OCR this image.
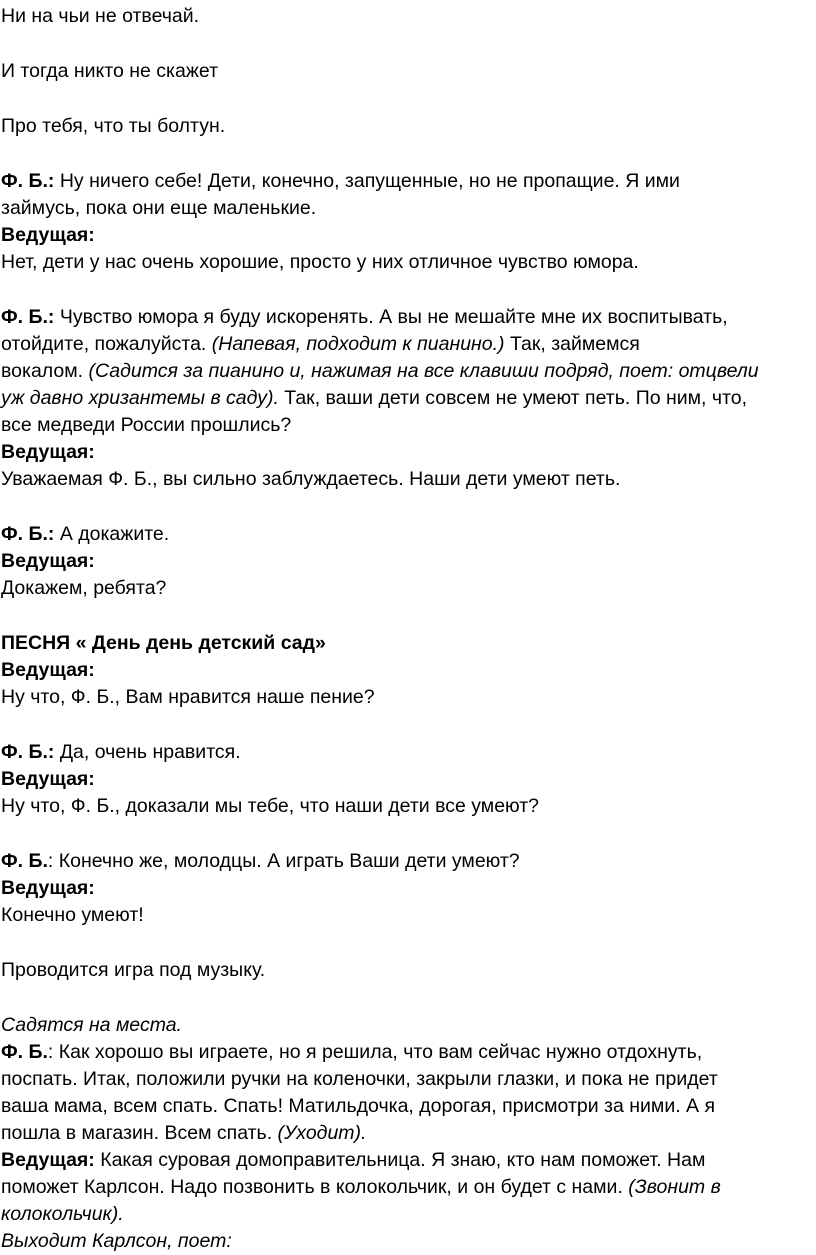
Ни на чьи не отвечай.

И тогда никто не скажет

Про тебя, что ты болтун.

Ф. Б.: Ну ничего себе! Дети, конечно, запущенные, но не пропащие. Я ими

займусь, пока они еще маленькие.

Ведущая:

Нет, дети у нас очень хорошие, просто у них отличное чувство юмора.

Ф. Б.: Чувство юмора я буду искоренять. А вы не мешайте мне их воспитывать,

отойдите, пожалуйста. (Напевая, подходит к пианино.) Так, займемся

вокалом. (Садится за пианино и, нажимая на все клавиши подряд, поет: отцвели

уж давно хризантемы в саду). Так, ваши дети совсем не умеют петь. По ним, что,

все медведи России прошлись?

Ведущая:

Уважаемая Ф. Б., вы сильно заблуждаетесь. Наши дети умеют петь.

Ф. Б.: А докажите.

Ведущая:

Докажем, ребята?

ПЕСНЯ « День день детский сад»

Ведущая:

Ну что, Ф. Б., Вам нравится наше пение?

Ф. Б.: Да, очень нравится.

Ведущая:

Ну что, Ф. Б., доказали мы тебе, что наши дети все умеют?

Ф. Б.: Конечно же, молодцы. А играть Ваши дети умеют?

Ведущая:

Конечно умеют!

Проводится игра под музыку.

Садятся на места.

Ф. Б.: Как хорошо вы играете, но я решила, что вам сейчас нужно отдохнуть,

поспать. Итак, положили ручки на коленочки, закрыли глазки, и пока не придет

ваша мама, всем спать. Спать! Матильдочка, дорогая, присмотри за ними. А я

пошла в магазин. Всем спать. (Уходит).

Ведущая: Какая суровая домоправительница. Я знаю, кто нам поможет. Нам

поможет Карлсон. Надо позвонить в колокольчик, и он будет с нами. (Звонит в

колокольчик).

Выходит Карлсон, поет:
